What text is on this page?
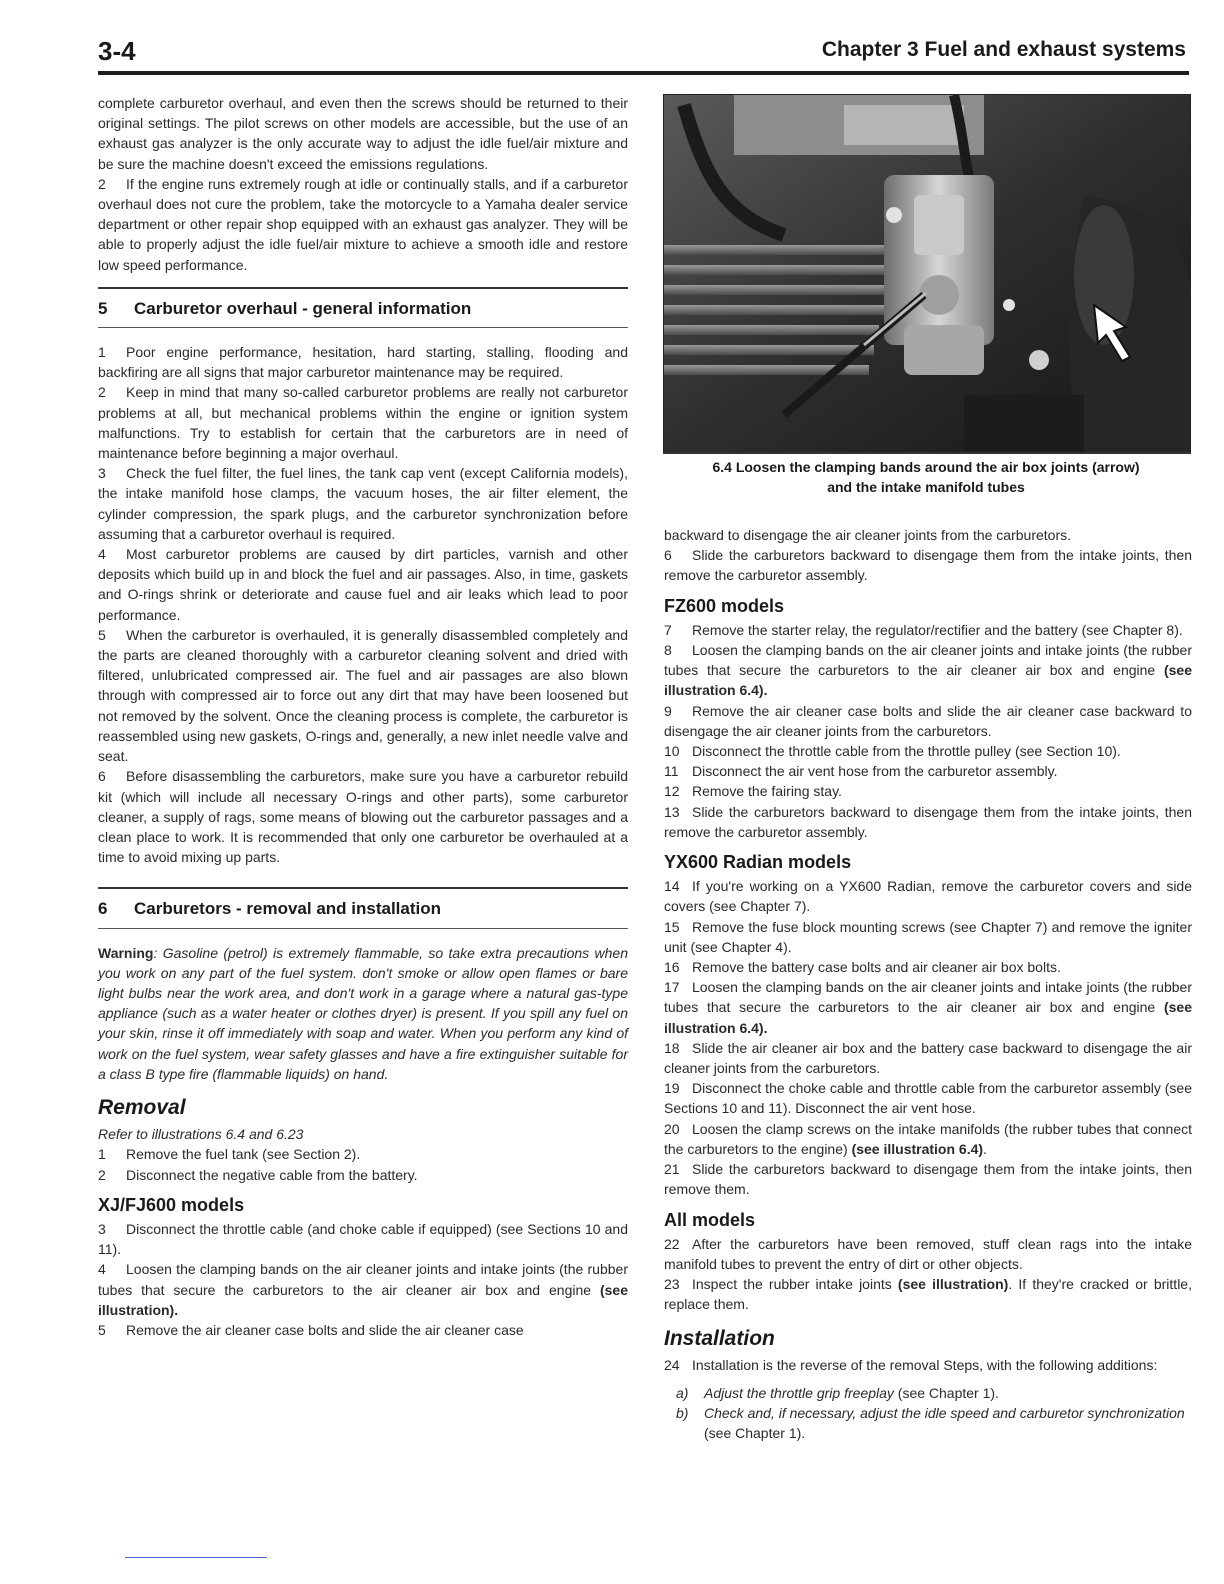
3-4	Chapter 3 Fuel and exhaust systems

complete carburetor overhaul, and even then the screws should be returned to their original settings. The pilot screws on other models are accessible, but the use of an exhaust gas analyzer is the only accurate way to adjust the idle fuel/air mixture and be sure the machine doesn't exceed the emissions regulations.

2 If the engine runs extremely rough at idle or continually stalls, and if a carburetor overhaul does not cure the problem, take the motorcycle to a Yamaha dealer service department or other repair shop equipped with an exhaust gas analyzer. They will be able to properly adjust the idle fuel/air mixture to achieve a smooth idle and restore low speed performance.

5 Carburetor overhaul - general information

1 Poor engine performance, hesitation, hard starting, stalling, flooding and backfiring are all signs that major carburetor maintenance may be required.

2 Keep in mind that many so-called carburetor problems are really not carburetor problems at all, but mechanical problems within the engine or ignition system malfunctions. Try to establish for certain that the carburetors are in need of maintenance before beginning a major overhaul.

3 Check the fuel filter, the fuel lines, the tank cap vent (except California models), the intake manifold hose clamps, the vacuum hoses, the air filter element, the cylinder compression, the spark plugs, and the carburetor synchronization before assuming that a carburetor overhaul is required.

4 Most carburetor problems are caused by dirt particles, varnish and other deposits which build up in and block the fuel and air passages. Also, in time, gaskets and O-rings shrink or deteriorate and cause fuel and air leaks which lead to poor performance.

5 When the carburetor is overhauled, it is generally disassembled completely and the parts are cleaned thoroughly with a carburetor cleaning solvent and dried with filtered, unlubricated compressed air. The fuel and air passages are also blown through with compressed air to force out any dirt that may have been loosened but not removed by the solvent. Once the cleaning process is complete, the carburetor is reassembled using new gaskets, O-rings and, generally, a new inlet needle valve and seat.

6 Before disassembling the carburetors, make sure you have a carburetor rebuild kit (which will include all necessary O-rings and other parts), some carburetor cleaner, a supply of rags, some means of blowing out the carburetor passages and a clean place to work. It is recommended that only one carburetor be overhauled at a time to avoid mixing up parts.

6 Carburetors - removal and installation

Warning: Gasoline (petrol) is extremely flammable, so take extra precautions when you work on any part of the fuel system. don't smoke or allow open flames or bare light bulbs near the work area, and don't work in a garage where a natural gas-type appliance (such as a water heater or clothes dryer) is present. If you spill any fuel on your skin, rinse it off immediately with soap and water. When you perform any kind of work on the fuel system, wear safety glasses and have a fire extinguisher suitable for a class B type fire (flammable liquids) on hand.

Removal

Refer to illustrations 6.4 and 6.23

1 Remove the fuel tank (see Section 2).

2 Disconnect the negative cable from the battery.

XJ/FJ600 models

3 Disconnect the throttle cable (and choke cable if equipped) (see Sections 10 and 11).

4 Loosen the clamping bands on the air cleaner joints and intake joints (the rubber tubes that secure the carburetors to the air cleaner air box and engine (see illustration).

5 Remove the air cleaner case bolts and slide the air cleaner case

6.4 Loosen the clamping bands around the air box joints (arrow)
and the intake manifold tubes

backward to disengage the air cleaner joints from the carburetors.

6 Slide the carburetors backward to disengage them from the intake joints, then remove the carburetor assembly.

FZ600 models

7 Remove the starter relay, the regulator/rectifier and the battery (see Chapter 8).

8 Loosen the clamping bands on the air cleaner joints and intake joints (the rubber tubes that secure the carburetors to the air cleaner air box and engine (see illustration 6.4).

9 Remove the air cleaner case bolts and slide the air cleaner case backward to disengage the air cleaner joints from the carburetors.

10 Disconnect the throttle cable from the throttle pulley (see Section 10).

11 Disconnect the air vent hose from the carburetor assembly.

12 Remove the fairing stay.

13 Slide the carburetors backward to disengage them from the intake joints, then remove the carburetor assembly.

YX600 Radian models

14 If you're working on a YX600 Radian, remove the carburetor covers and side covers (see Chapter 7).

15 Remove the fuse block mounting screws (see Chapter 7) and remove the igniter unit (see Chapter 4).

16 Remove the battery case bolts and air cleaner air box bolts.

17 Loosen the clamping bands on the air cleaner joints and intake joints (the rubber tubes that secure the carburetors to the air cleaner air box and engine (see illustration 6.4).

18 Slide the air cleaner air box and the battery case backward to disengage the air cleaner joints from the carburetors.

19 Disconnect the choke cable and throttle cable from the carburetor assembly (see Sections 10 and 11). Disconnect the air vent hose.

20 Loosen the clamp screws on the intake manifolds (the rubber tubes that connect the carburetors to the engine) (see illustration 6.4).

21 Slide the carburetors backward to disengage them from the intake joints, then remove them.

All models

22 After the carburetors have been removed, stuff clean rags into the intake manifold tubes to prevent the entry of dirt or other objects.

23 Inspect the rubber intake joints (see illustration). If they're cracked or brittle, replace them.

Installation

24 Installation is the reverse of the removal Steps, with the following additions:

a)	Adjust the throttle grip freeplay (see Chapter 1).
b)	Check and, if necessary, adjust the idle speed and carburetor synchronization (see Chapter 1).
